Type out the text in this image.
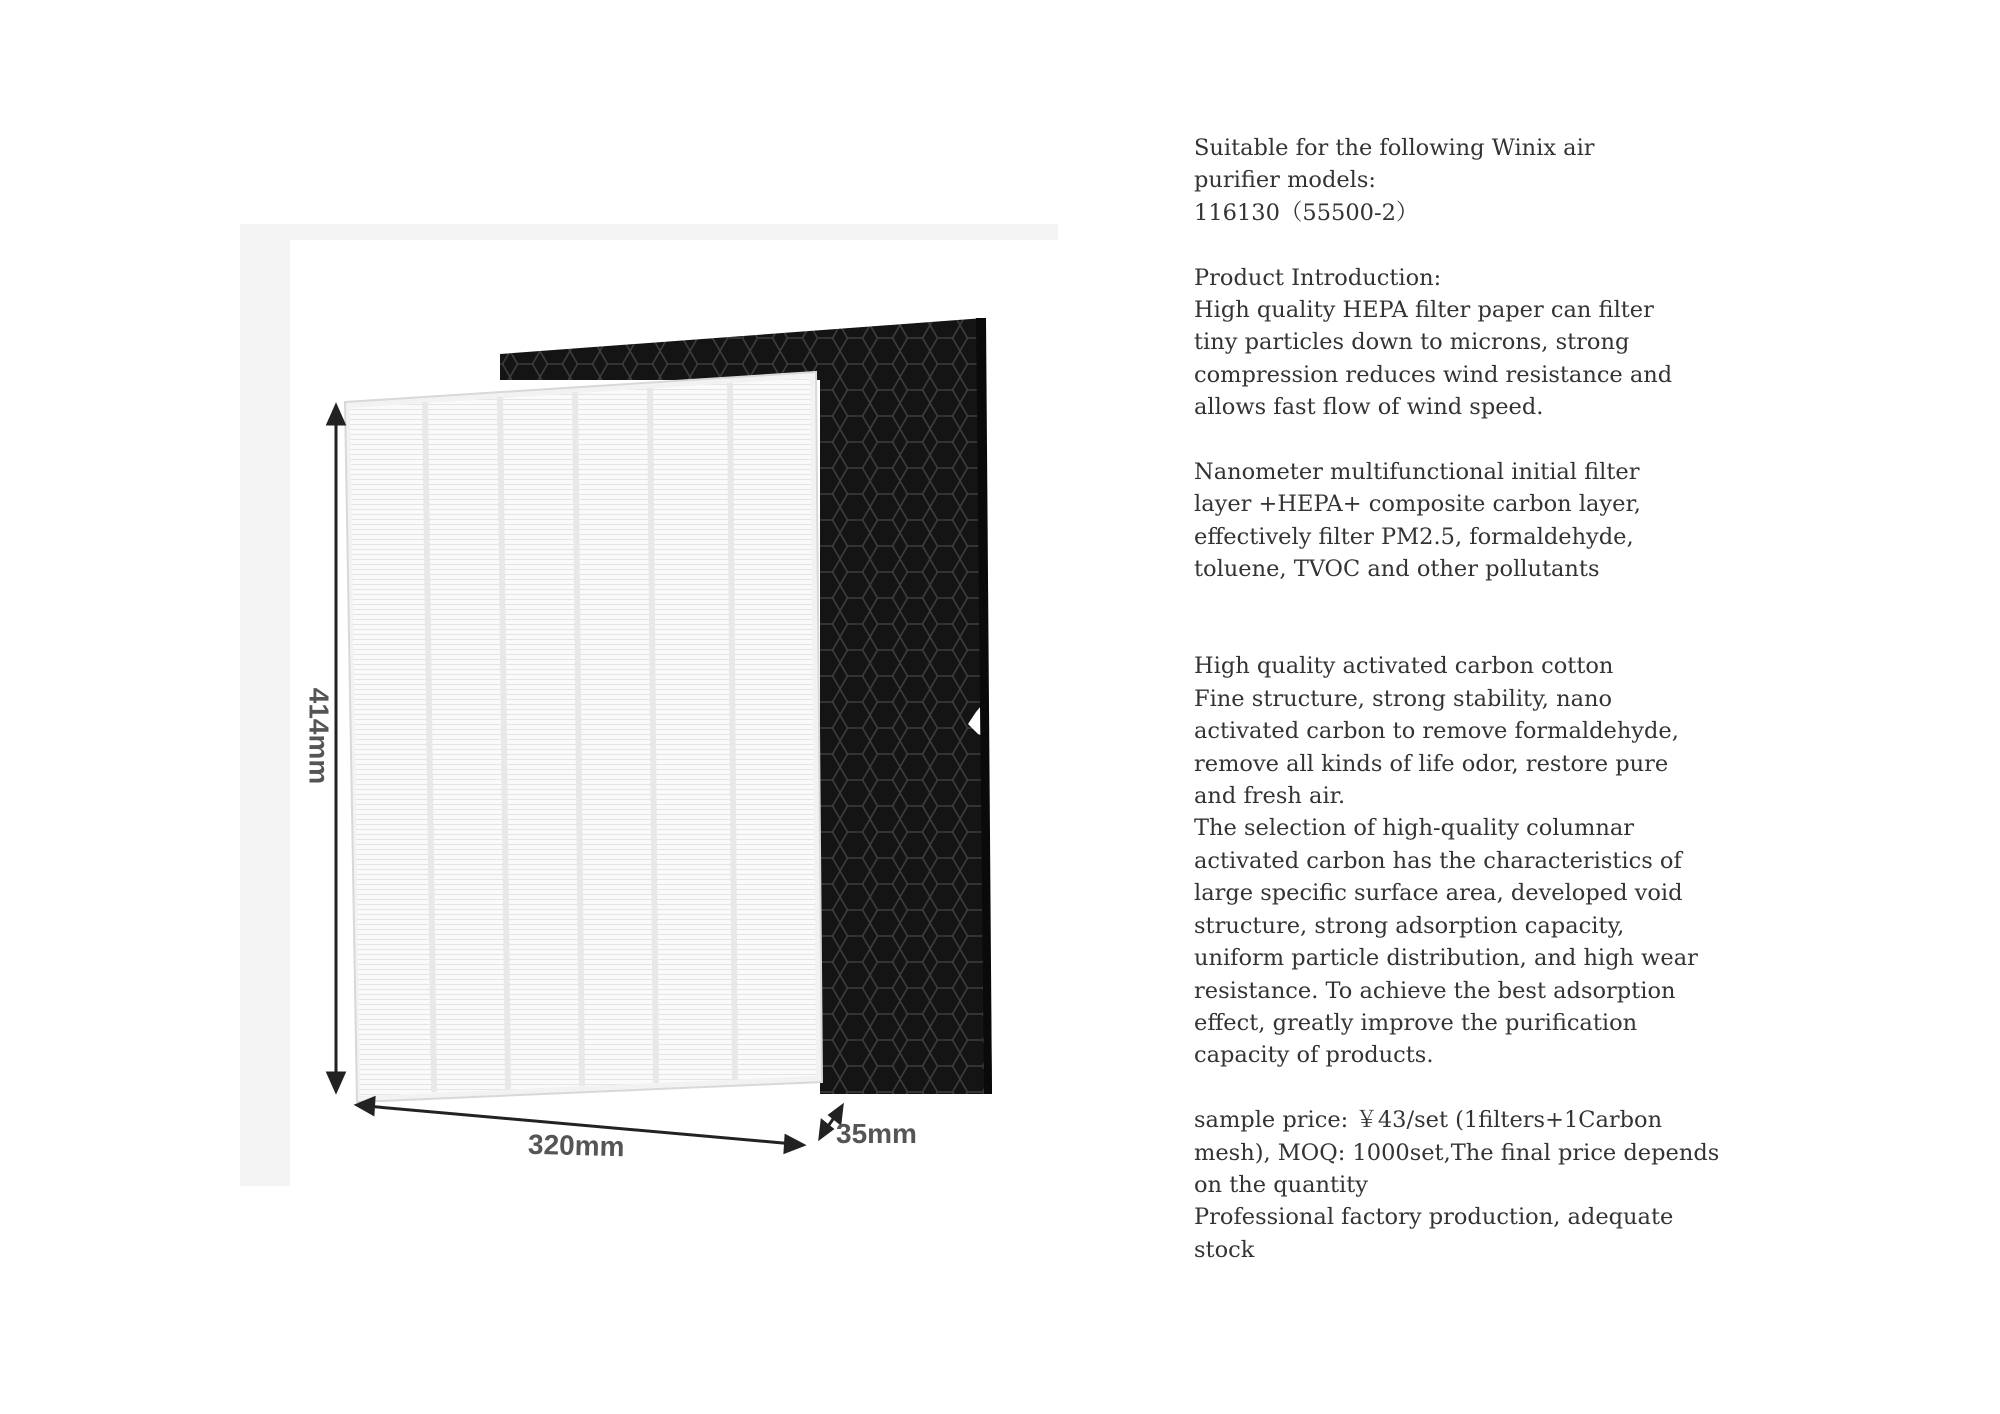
414mm
320mm	35mm

Suitable for the following Winix air

purifier models:

116130（55500-2）

Product Introduction:

High quality HEPA filter paper can filter

tiny particles down to microns, strong

compression reduces wind resistance and

allows fast flow of wind speed.

Nanometer multifunctional initial filter

layer +HEPA+ composite carbon layer,

effectively filter PM2.5, formaldehyde,

toluene, TVOC and other pollutants

High quality activated carbon cotton

Fine structure, strong stability, nano

activated carbon to remove formaldehyde,

remove all kinds of life odor, restore pure

and fresh air.

The selection of high-quality columnar

activated carbon has the characteristics of

large specific surface area, developed void

structure, strong adsorption capacity,

uniform particle distribution, and high wear

resistance. To achieve the best adsorption

effect, greatly improve the purification

capacity of products.

sample price: ￥43/set (1filters+1Carbon

mesh), MOQ: 1000set,The final price depends

on the quantity

Professional factory production, adequate

stock
